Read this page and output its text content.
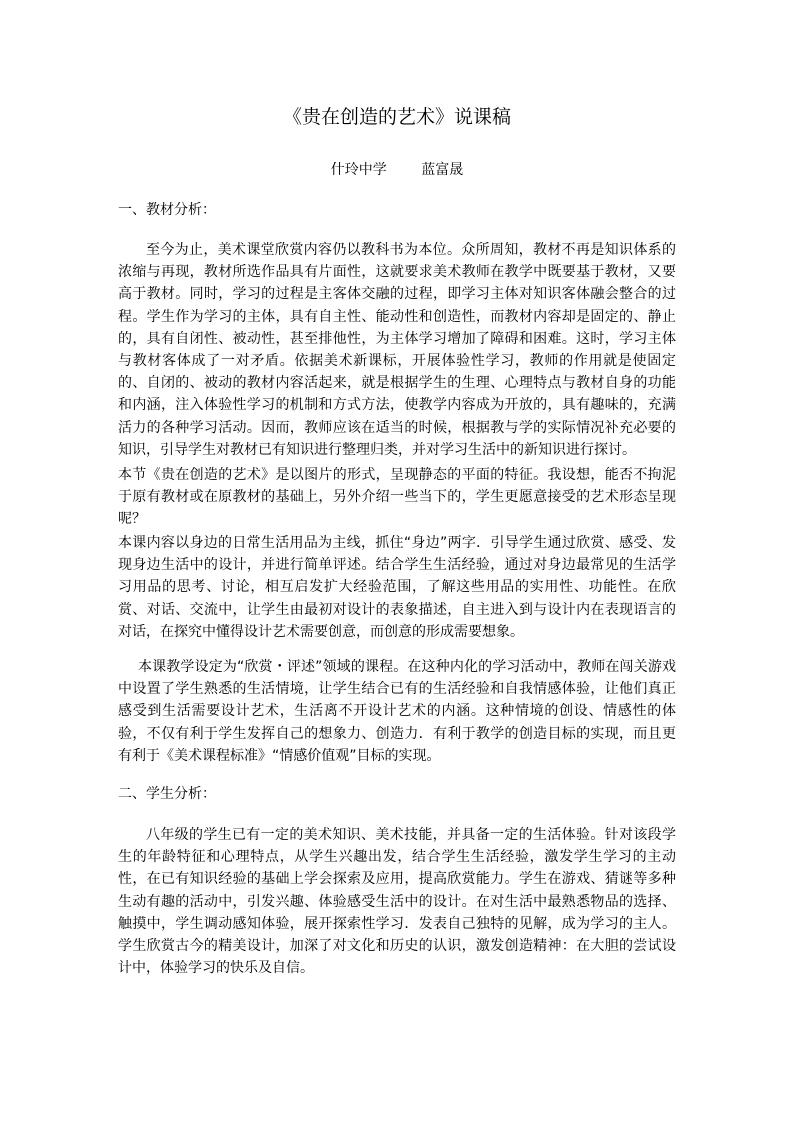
《贵在创造的艺术》说课稿
什玲中学 蓝富晟
一、教材分析：
至今为止，美术课堂欣赏内容仍以教科书为本位。众所周知，教材不再是知识体系的浓缩与再现，教材所选作品具有片面性，这就要求美术教师在教学中既要基于教材，又要高于教材。同时，学习的过程是主客体交融的过程，即学习主体对知识客体融会整合的过程。学生作为学习的主体，具有自主性、能动性和创造性，而教材内容却是固定的、静止的，具有自闭性、被动性，甚至排他性，为主体学习增加了障碍和困难。这时，学习主体与教材客体成了一对矛盾。依据美术新课标，开展体验性学习，教师的作用就是使固定的、自闭的、被动的教材内容活起来，就是根据学生的生理、心理特点与教材自身的功能和内涵，注入体验性学习的机制和方式方法，使教学内容成为开放的，具有趣味的，充满活力的各种学习活动。因而，教师应该在适当的时候，根据教与学的实际情况补充必要的知识，引导学生对教材已有知识进行整理归类，并对学习生活中的新知识进行探讨。
本节《贵在创造的艺术》是以图片的形式，呈现静态的平面的特征。我设想，能否不拘泥于原有教材或在原教材的基础上，另外介绍一些当下的，学生更愿意接受的艺术形态呈现呢？
本课内容以身边的日常生活用品为主线，抓住“身边”两字．引导学生通过欣赏、感受、发现身边生活中的设计，并进行简单评述。结合学生生活经验，通过对身边最常见的生活学习用品的思考、讨论，相互启发扩大经验范围，了解这些用品的实用性、功能性。在欣赏、对话、交流中，让学生由最初对设计的表象描述，自主进入到与设计内在表现语言的对话，在探究中懂得设计艺术需要创意，而创意的形成需要想象。
本课教学设定为“欣赏・评述”领域的课程。在这种内化的学习活动中，教师在闯关游戏中设置了学生熟悉的生活情境，让学生结合已有的生活经验和自我情感体验，让他们真正感受到生活需要设计艺术，生活离不开设计艺术的内涵。这种情境的创设、情感性的体验，不仅有利于学生发挥自己的想象力、创造力．有利于教学的创造目标的实现，而且更有利于《美术课程标准》“情感价值观”目标的实现。
二、学生分析：
八年级的学生已有一定的美术知识、美术技能，并具备一定的生活体验。针对该段学生的年龄特征和心理特点，从学生兴趣出发，结合学生生活经验，激发学生学习的主动性，在已有知识经验的基础上学会探索及应用，提高欣赏能力。学生在游戏、猜谜等多种生动有趣的活动中，引发兴趣、体验感受生活中的设计。在对生活中最熟悉物品的选择、触摸中，学生调动感知体验，展开探索性学习．发表自己独特的见解，成为学习的主人。学生欣赏古今的精美设计，加深了对文化和历史的认识，激发创造精神：在大胆的尝试设计中，体验学习的快乐及自信。
